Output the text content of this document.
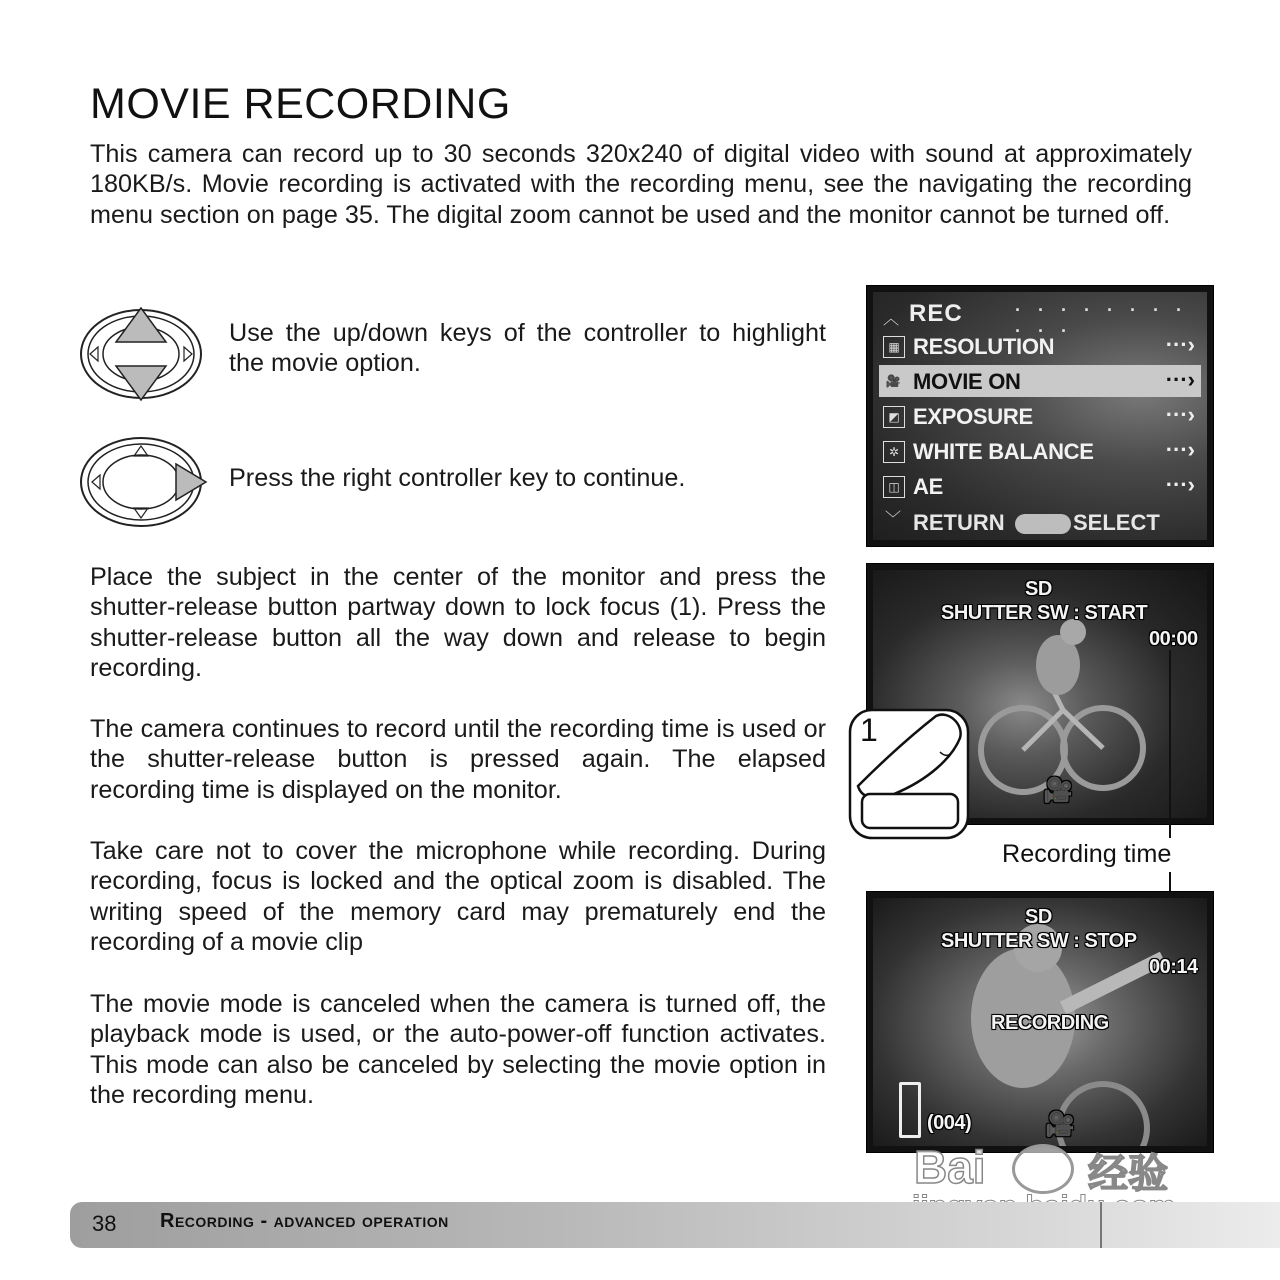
MOVIE RECORDING
This camera can record up to 30 seconds 320x240 of digital video with sound at approximately 180KB/s. Movie recording is activated with the recording menu, see the navigating the recording menu section on page 35. The digital zoom cannot be used and the monitor cannot be turned off.
Use the up/down keys of the controller to highlight the movie option.
Press the right controller key to continue.
Place the subject in the center of the monitor and press the shutter-release button partway down to lock focus (1). Press the shutter-release button all the way down and release to begin recording.
The camera continues to record until the recording time is used or the shutter-release button is pressed again. The elapsed recording time is displayed on the monitor.
Take care not to cover the microphone while recording. During recording, focus is locked and the optical zoom is disabled. The writing speed of the memory card may prematurely end the recording of a movie clip
The movie mode is canceled when the camera is turned off, the playback mode is used, or the auto-power-off function activates. This mode can also be canceled by selecting the movie option in the recording menu.
︿ REC	· · · · · · · · · · ·
▦ RESOLUTION	···›
🎥 MOVIE ON	···›
◩ EXPOSURE	···›
✲ WHITE BALANCE	···›
◫ AE	···›
﹀ RETURN	SELECT
SD
SHUTTER SW : START
00:00
🎥
1
Recording time
SD
SHUTTER SW : STOP
00:14
RECORDING
(004)	🎥
Bai	经验
38 Recording - advanced operation
